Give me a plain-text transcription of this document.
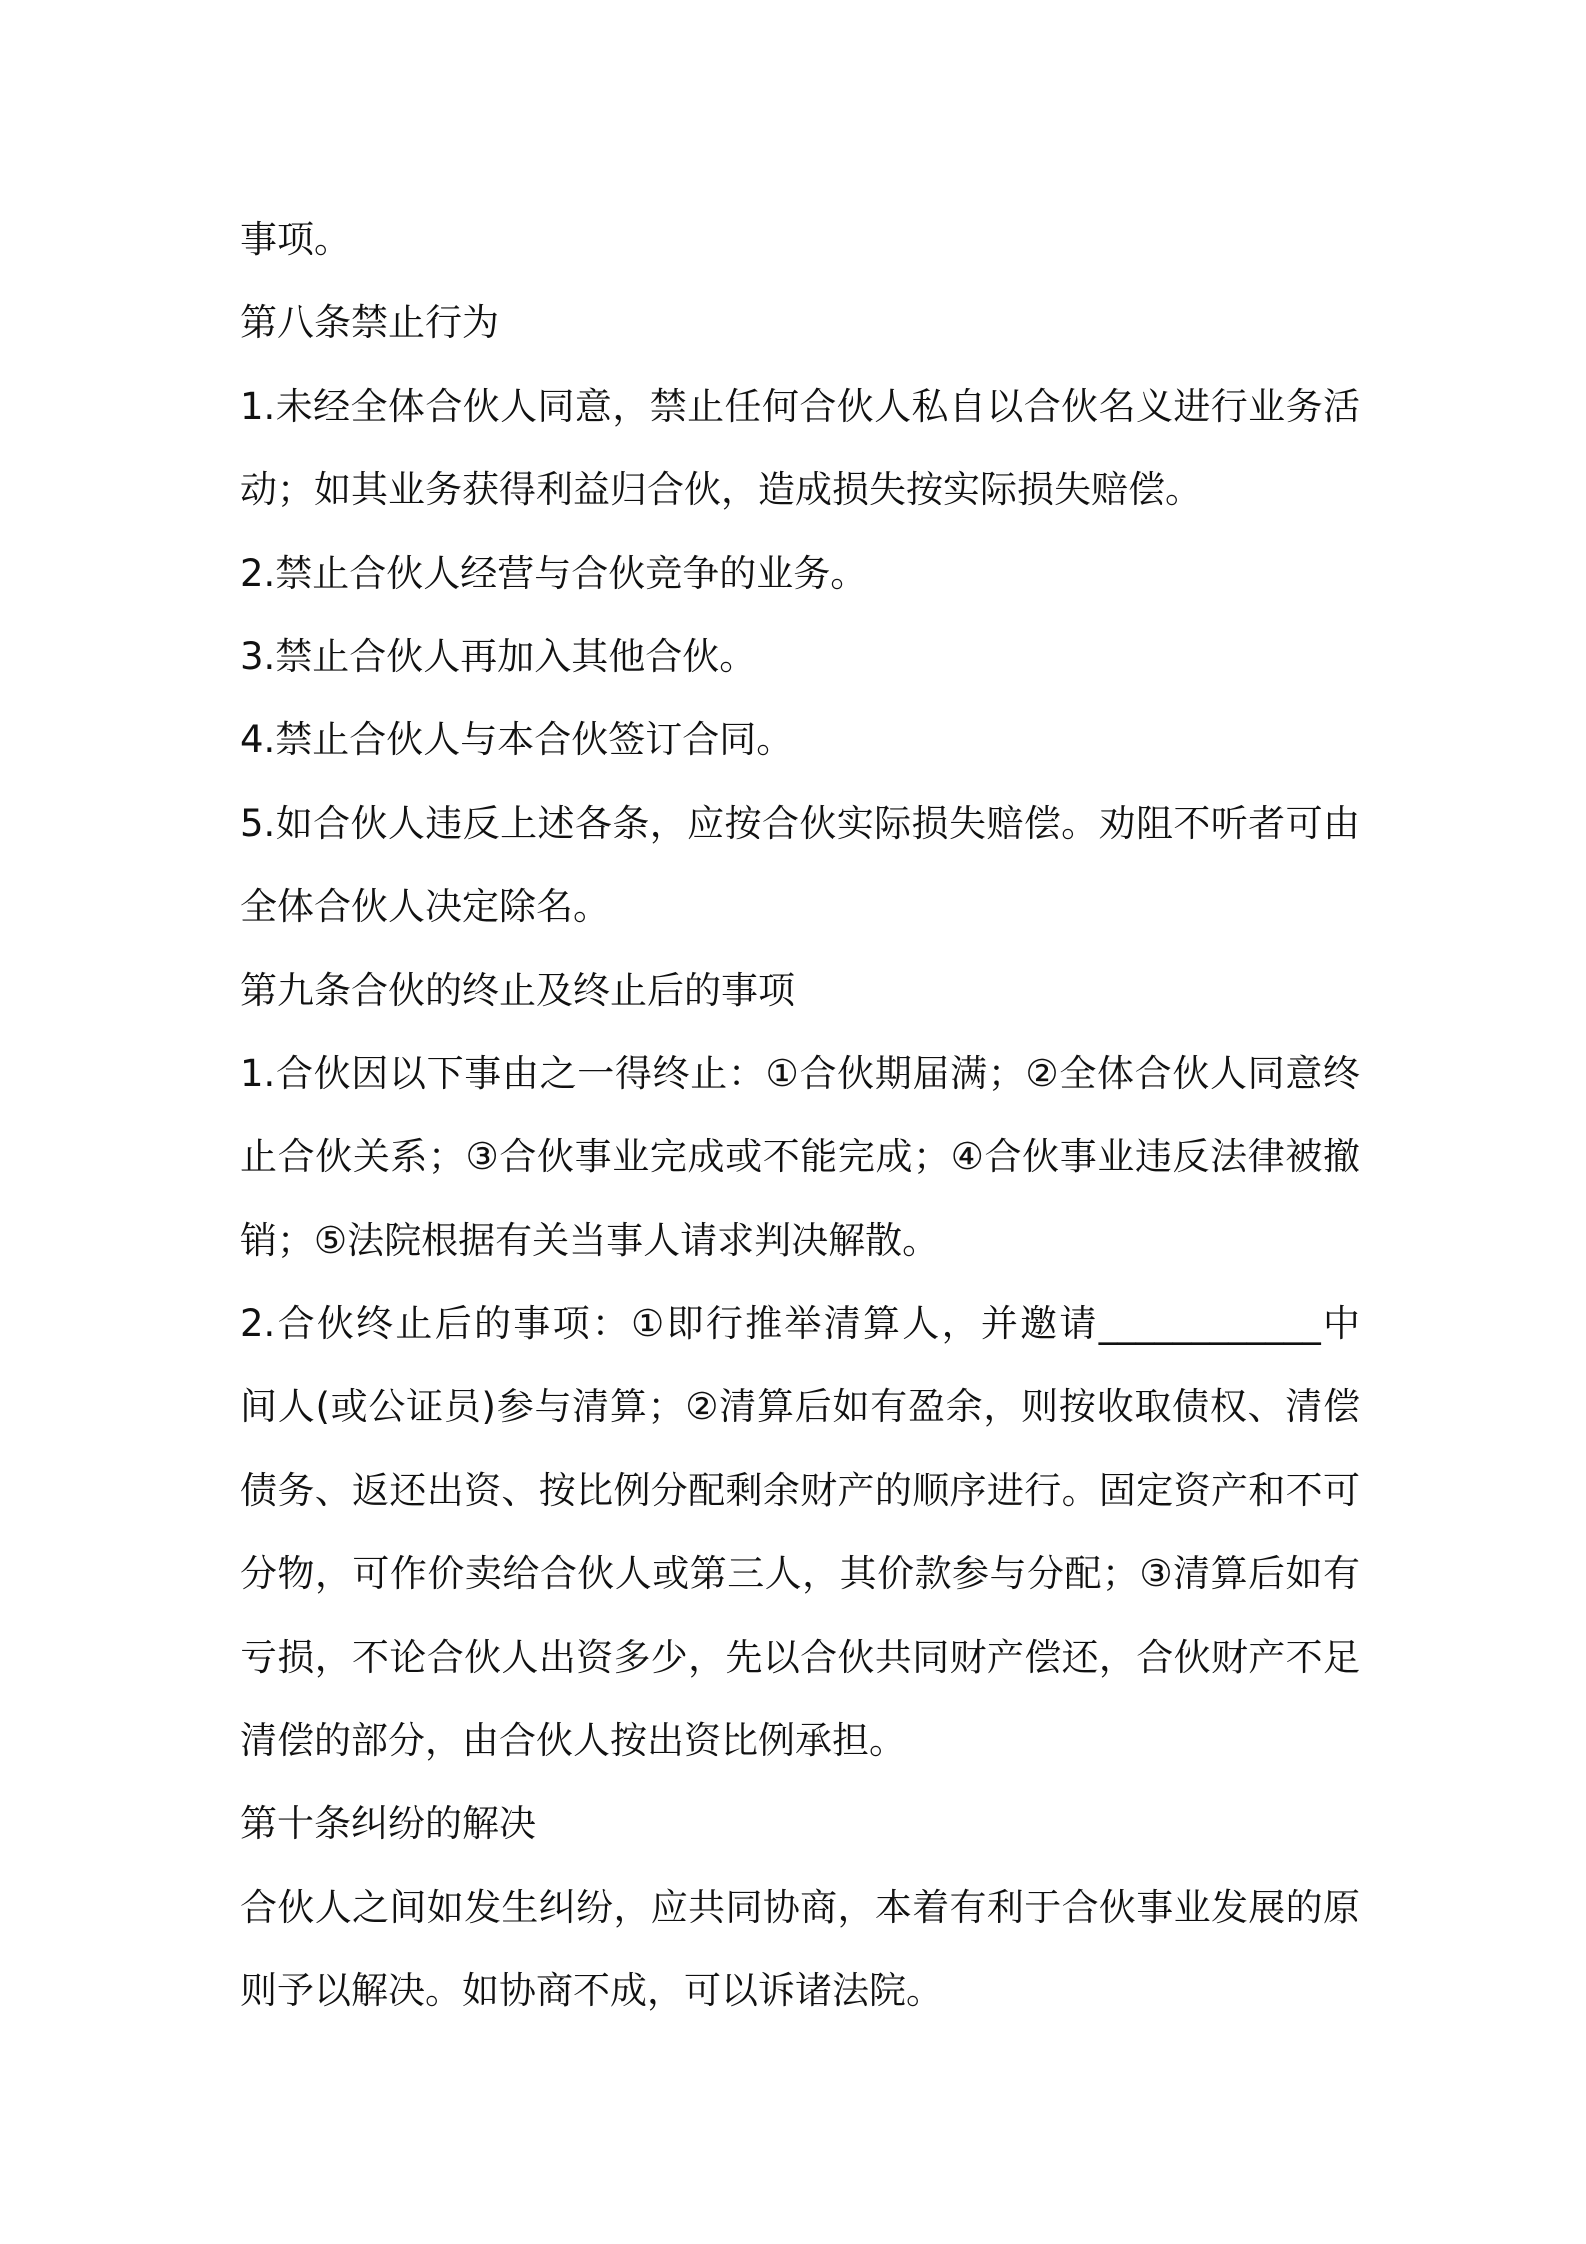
事项。
第八条禁止行为
1.未经全体合伙人同意，禁止任何合伙人私自以合伙名义进行业务活
动；如其业务获得利益归合伙，造成损失按实际损失赔偿。
2.禁止合伙人经营与合伙竞争的业务。
3.禁止合伙人再加入其他合伙。
4.禁止合伙人与本合伙签订合同。
5.如合伙人违反上述各条，应按合伙实际损失赔偿。劝阻不听者可由
全体合伙人决定除名。
第九条合伙的终止及终止后的事项
1.合伙因以下事由之一得终止：①合伙期届满；②全体合伙人同意终
止合伙关系；③合伙事业完成或不能完成；④合伙事业违反法律被撤
销；⑤法院根据有关当事人请求判决解散。
2.合伙终止后的事项：①即行推举清算人，并邀请____________中
间人(或公证员)参与清算；②清算后如有盈余，则按收取债权、清偿
债务、返还出资、按比例分配剩余财产的顺序进行。固定资产和不可
分物，可作价卖给合伙人或第三人，其价款参与分配；③清算后如有
亏损，不论合伙人出资多少，先以合伙共同财产偿还，合伙财产不足
清偿的部分，由合伙人按出资比例承担。
第十条纠纷的解决
合伙人之间如发生纠纷，应共同协商，本着有利于合伙事业发展的原
则予以解决。如协商不成，可以诉诸法院。
